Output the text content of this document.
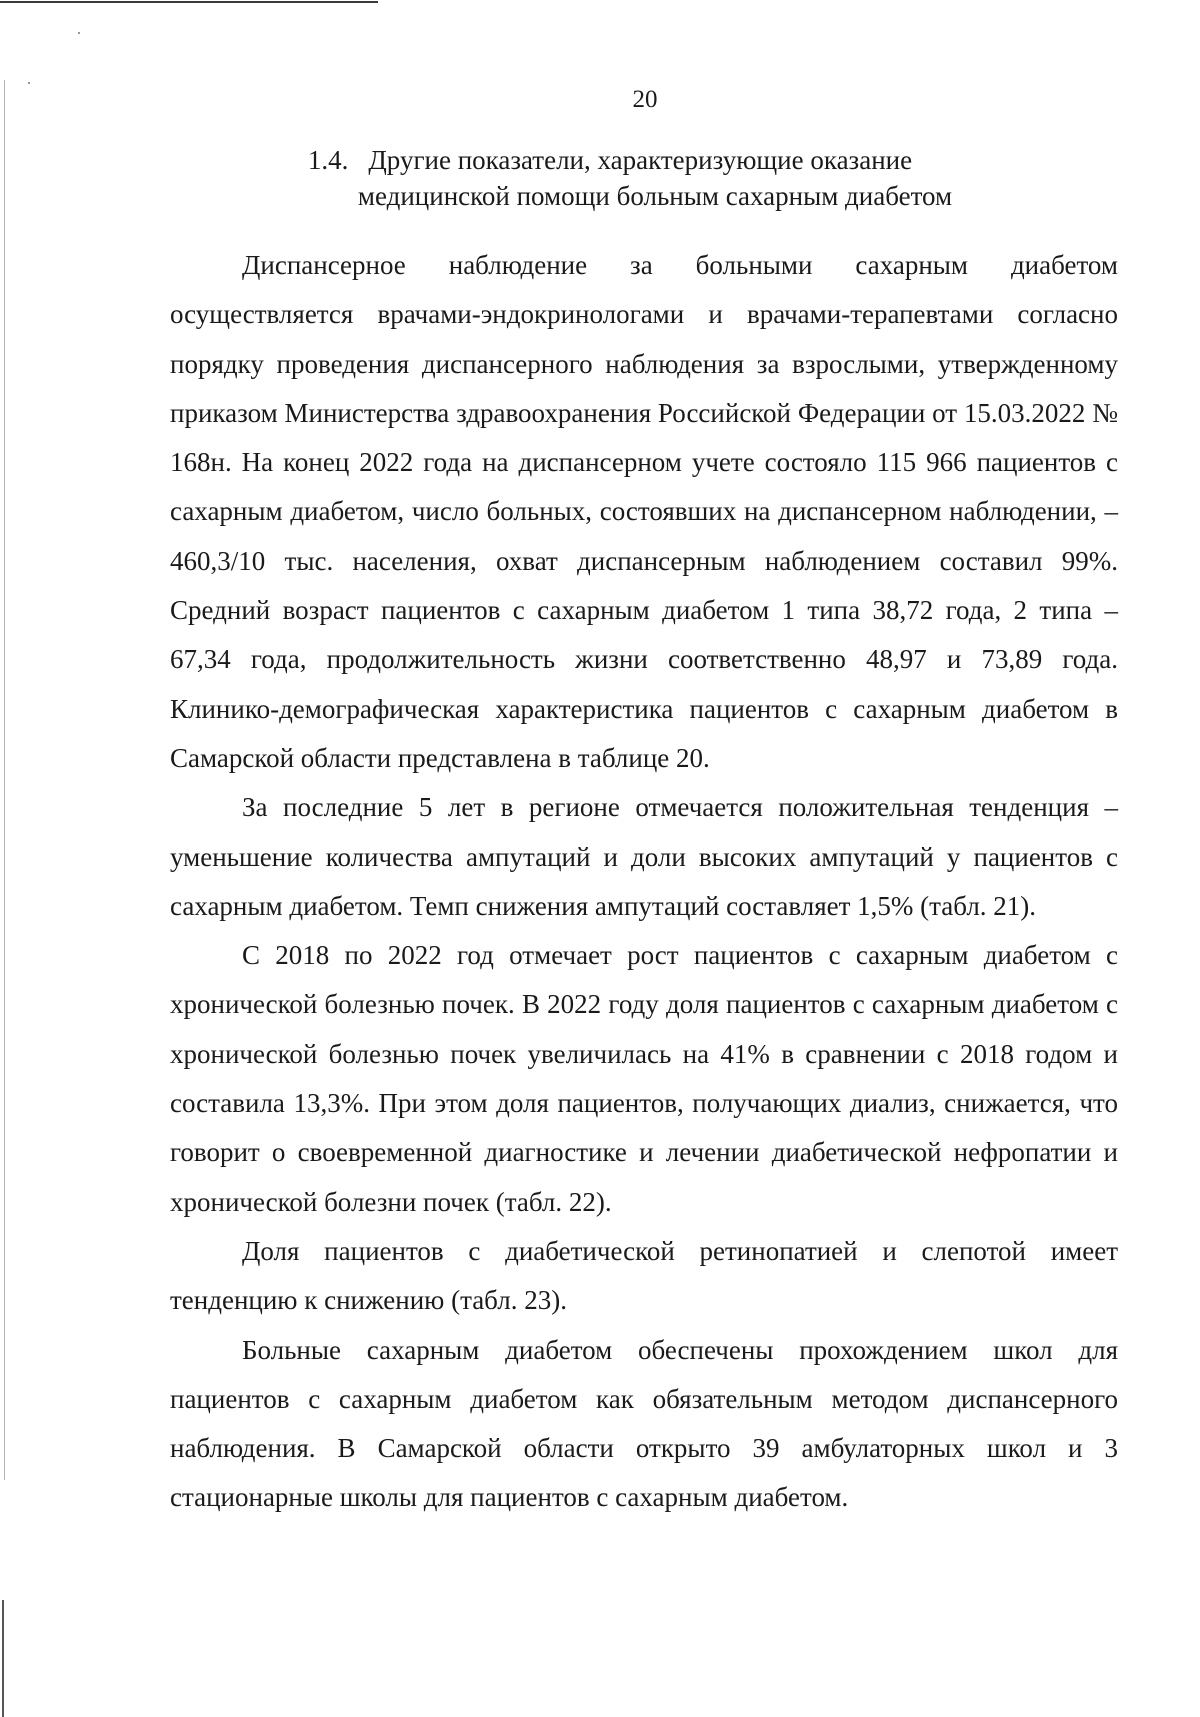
20
1.4. Другие показатели, характеризующие оказание
медицинской помощи больным сахарным диабетом

Диспансерное наблюдение за больными сахарным диабетом осуществляется врачами-эндокринологами и врачами-терапевтами согласно порядку проведения диспансерного наблюдения за взрослыми, утвержденному приказом Министерства здравоохранения Российской Федерации от 15.03.2022 № 168н. На конец 2022 года на диспансерном учете состояло 115 966 пациентов с сахарным диабетом, число больных, состоявших на диспансерном наблюдении, – 460,3/10 тыс. населения, охват диспансерным наблюдением составил 99%. Средний возраст пациентов с сахарным диабетом 1 типа 38,72 года, 2 типа – 67,34 года, продолжительность жизни соответственно 48,97 и 73,89 года. Клинико-демографическая характеристика пациентов с сахарным диабетом в Самарской области представлена в таблице 20.

За последние 5 лет в регионе отмечается положительная тенденция – уменьшение количества ампутаций и доли высоких ампутаций у пациентов с сахарным диабетом. Темп снижения ампутаций составляет 1,5% (табл. 21).

С 2018 по 2022 год отмечает рост пациентов с сахарным диабетом с хронической болезнью почек. В 2022 году доля пациентов с сахарным диабетом с хронической болезнью почек увеличилась на 41% в сравнении с 2018 годом и составила 13,3%. При этом доля пациентов, получающих диализ, снижается, что говорит о своевременной диагностике и лечении диабетической нефропатии и хронической болезни почек (табл. 22).

Доля пациентов с диабетической ретинопатией и слепотой имеет тенденцию к снижению (табл. 23).

Больные сахарным диабетом обеспечены прохождением школ для пациентов с сахарным диабетом как обязательным методом диспансерного наблюдения. В Самарской области открыто 39 амбулаторных школ и 3 стационарные школы для пациентов с сахарным диабетом.
